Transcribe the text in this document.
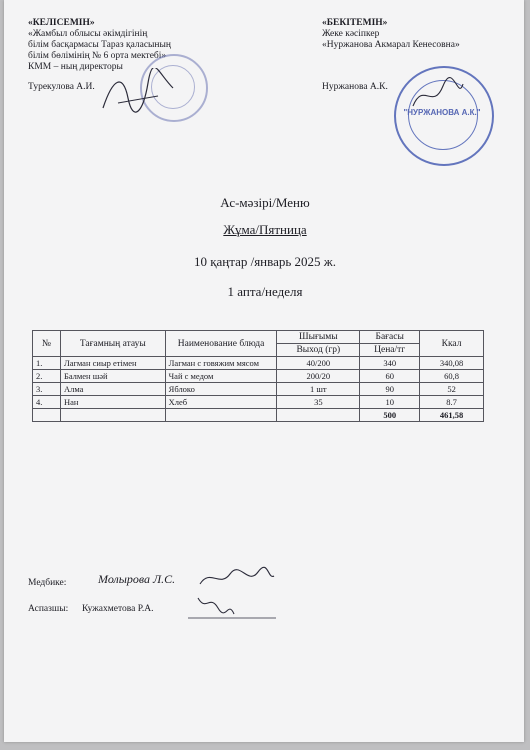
«КЕЛІСЕМІН»
«Жамбыл облысы әкімдігінің
білім басқармасы Тараз қаласының
білім бөлімінің № 6 орта мектебі»
КММ – ның директоры
Турекулова А.И.
«БЕКІТЕМІН»
Жеке кәсіпкер
«Нуржанова Акмарал Кенесовна»
Нуржанова А.К.
"НУРЖАНОВА А.К."
Ас-мәзірі/Меню
Жұма/Пятница
10 қаңтар /январь 2025 ж.
1 апта/неделя
№	Тағамның атауы	Наименование блюда	Шығымы	Бағасы	Ккал
			Выход (гр)	Цена/тг	
1.	Лагман сиыр етімен	Лагман с говяжим мясом	40/200	340	340,08
2.	Балмен шәй	Чай с медом	200/20	60	60,8
3.	Алма	Яблоко	1 шт	90	52
4.	Нан	Хлеб	35	10	8.7
				500	461,58
Медбике:	Молырова Л.С.
Аспазшы: Кужахметова Р.А.
